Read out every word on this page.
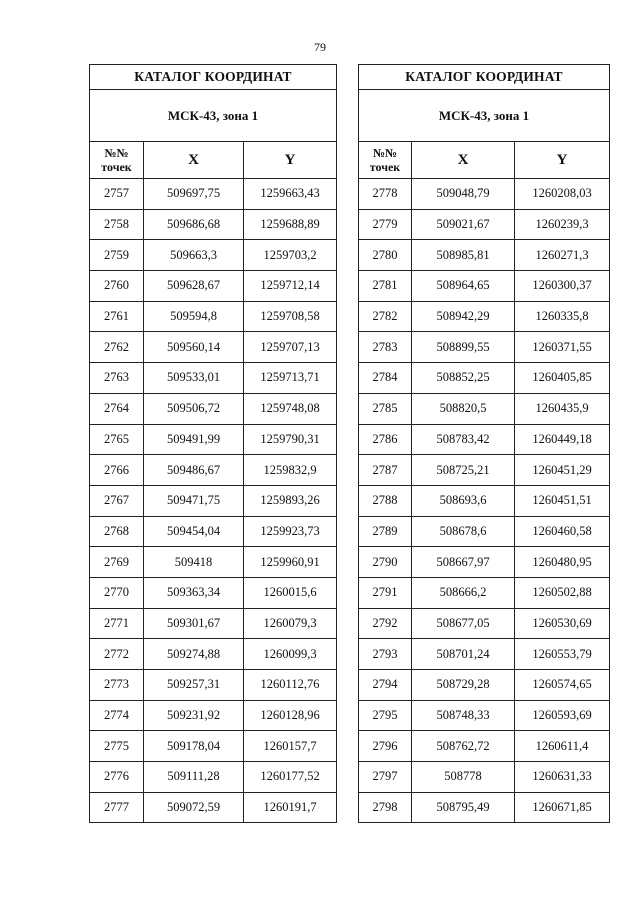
79
КАТАЛОГ КООРДИНАТ		
МСК-43, зона 1		

№№
точек	X	Y
2757	509697,75	1259663,43
2758	509686,68	1259688,89
2759	509663,3	1259703,2
2760	509628,67	1259712,14
2761	509594,8	1259708,58
2762	509560,14	1259707,13
2763	509533,01	1259713,71
2764	509506,72	1259748,08
2765	509491,99	1259790,31
2766	509486,67	1259832,9
2767	509471,75	1259893,26
2768	509454,04	1259923,73
2769	509418	1259960,91
2770	509363,34	1260015,6
2771	509301,67	1260079,3
2772	509274,88	1260099,3
2773	509257,31	1260112,76
2774	509231,92	1260128,96
2775	509178,04	1260157,7
2776	509111,28	1260177,52
2777	509072,59	1260191,7
КАТАЛОГ КООРДИНАТ		
МСК-43, зона 1		

№№
точек	X	Y
2778	509048,79	1260208,03
2779	509021,67	1260239,3
2780	508985,81	1260271,3
2781	508964,65	1260300,37
2782	508942,29	1260335,8
2783	508899,55	1260371,55
2784	508852,25	1260405,85
2785	508820,5	1260435,9
2786	508783,42	1260449,18
2787	508725,21	1260451,29
2788	508693,6	1260451,51
2789	508678,6	1260460,58
2790	508667,97	1260480,95
2791	508666,2	1260502,88
2792	508677,05	1260530,69
2793	508701,24	1260553,79
2794	508729,28	1260574,65
2795	508748,33	1260593,69
2796	508762,72	1260611,4
2797	508778	1260631,33
2798	508795,49	1260671,85
